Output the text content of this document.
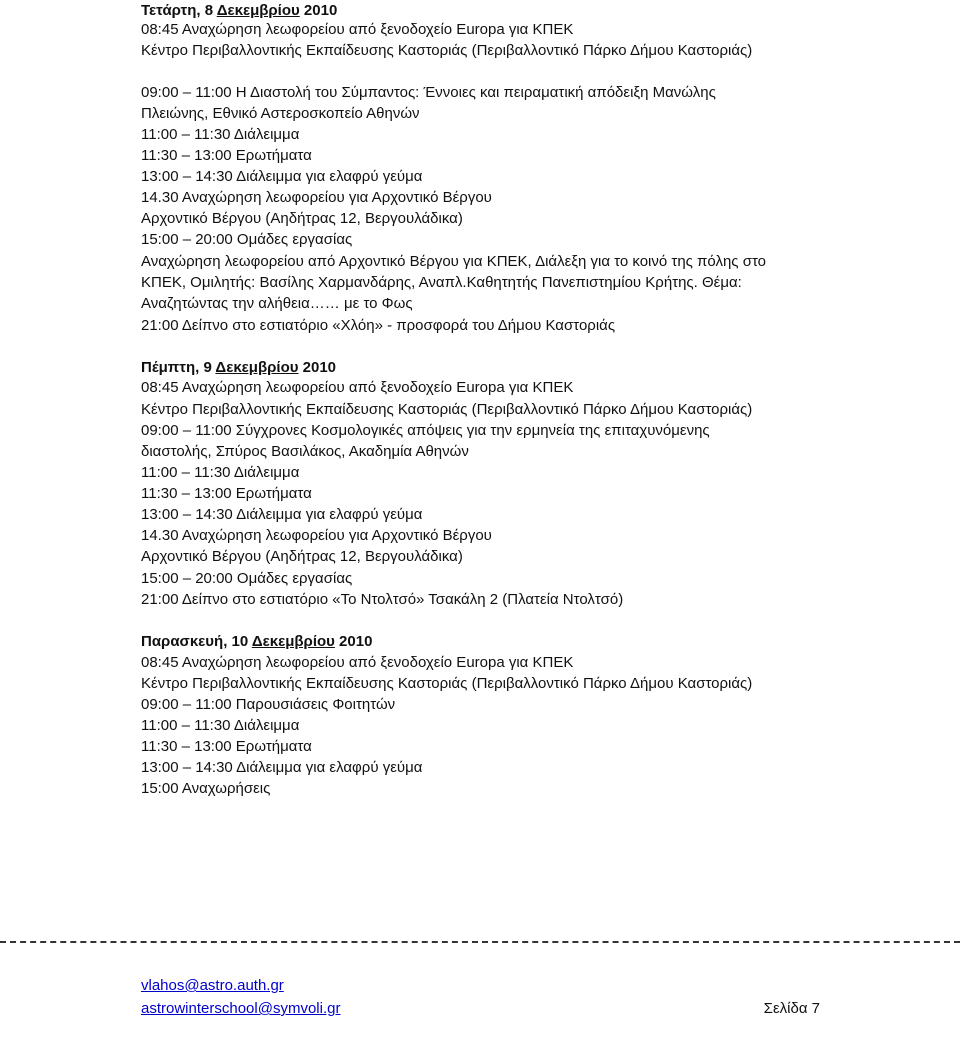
Τετάρτη, 8 Δεκεμβρίου 2010
08:45 Αναχώρηση λεωφορείου από ξενοδοχείο Europa για ΚΠΕΚ
Κέντρο Περιβαλλοντικής Εκπαίδευσης Καστοριάς (Περιβαλλοντικό Πάρκο Δήμου Καστοριάς)
09:00 – 11:00 Η Διαστολή του Σύμπαντος: Έννοιες και πειραματική απόδειξη Μανώλης
Πλειώνης, Εθνικό Αστεροσκοπείο Αθηνών
11:00 – 11:30 Διάλειμμα
11:30 – 13:00 Ερωτήματα
13:00 – 14:30 Διάλειμμα για ελαφρύ γεύμα
14.30 Αναχώρηση λεωφορείου για Αρχοντικό Βέργου
Αρχοντικό Βέργου (Αηδήτρας 12, Βεργουλάδικα)
15:00 – 20:00 Ομάδες εργασίας
Αναχώρηση λεωφορείου από Αρχοντικό Βέργου για ΚΠΕΚ, Διάλεξη για το κοινό της πόλης στο
ΚΠΕΚ, Ομιλητής: Βασίλης Χαρμανδάρης, Αναπλ.Καθητητής Πανεπιστημίου Κρήτης. Θέμα:
Αναζητώντας την αλήθεια…… με το Φως
21:00 Δείπνο στο εστιατόριο «Χλόη» - προσφορά του Δήμου Καστοριάς
Πέμπτη, 9 Δεκεμβρίου 2010
08:45 Αναχώρηση λεωφορείου από ξενοδοχείο Europa για ΚΠΕΚ
Κέντρο Περιβαλλοντικής Εκπαίδευσης Καστοριάς (Περιβαλλοντικό Πάρκο Δήμου Καστοριάς)
09:00 – 11:00 Σύγχρονες Κοσμολογικές απόψεις για την ερμηνεία της επιταχυνόμενης
διαστολής, Σπύρος Βασιλάκος, Ακαδημία Αθηνών
11:00 – 11:30 Διάλειμμα
11:30 – 13:00 Ερωτήματα
13:00 – 14:30 Διάλειμμα για ελαφρύ γεύμα
14.30 Αναχώρηση λεωφορείου για Αρχοντικό Βέργου
Αρχοντικό Βέργου (Αηδήτρας 12, Βεργουλάδικα)
15:00 – 20:00 Ομάδες εργασίας
21:00 Δείπνο στο εστιατόριο «Το Ντολτσό» Τσακάλη 2 (Πλατεία Ντολτσό)
Παρασκευή, 10 Δεκεμβρίου 2010
08:45 Αναχώρηση λεωφορείου από ξενοδοχείο Europa για ΚΠΕΚ
Κέντρο Περιβαλλοντικής Εκπαίδευσης Καστοριάς (Περιβαλλοντικό Πάρκο Δήμου Καστοριάς)
09:00 – 11:00 Παρουσιάσεις Φοιτητών
11:00 – 11:30 Διάλειμμα
11:30 – 13:00 Ερωτήματα
13:00 – 14:30 Διάλειμμα για ελαφρύ γεύμα
15:00 Αναχωρήσεις
vlahos@astro.auth.gr
astrowinterschool@symvoli.gr	Σελίδα 7
